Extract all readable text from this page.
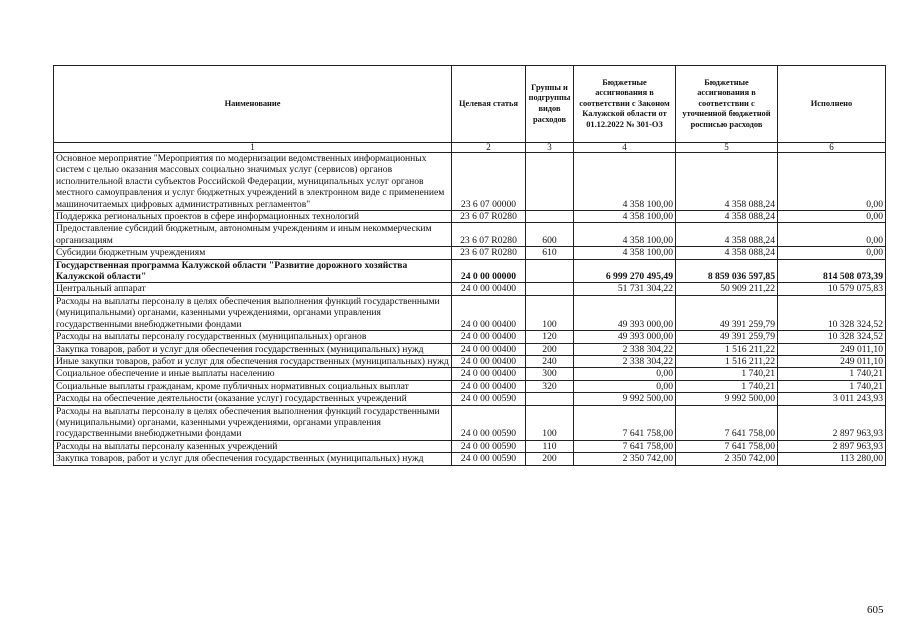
Наименование	Целевая статья	Группы и подгруппы видов расходов	Бюджетные ассигнования в соответствии с Законом Калужской области от 01.12.2022 № 301-ОЗ	Бюджетные ассигнования в соответствии с уточненной бюджетной росписью расходов	Исполнено
1	2	3	4	5	6
Основное мероприятие "Мероприятия по модернизации ведомственных информационных систем с целью оказания массовых социально значимых услуг (сервисов) органов исполнительной власти субъектов Российской Федерации, муниципальных услуг органов местного самоуправления и услуг бюджетных учреждений в электронном виде с применением машиночитаемых цифровых административных регламентов"	23 6 07 00000		4 358 100,00	4 358 088,24	0,00
Поддержка региональных проектов в сфере информационных технологий	23 6 07 R0280		4 358 100,00	4 358 088,24	0,00
Предоставление субсидий бюджетным, автономным учреждениям и иным некоммерческим организациям	23 6 07 R0280	600	4 358 100,00	4 358 088,24	0,00
Субсидии бюджетным учреждениям	23 6 07 R0280	610	4 358 100,00	4 358 088,24	0,00
Государственная программа Калужской области "Развитие дорожного хозяйства Калужской области"	24 0 00 00000		6 999 270 495,49	8 859 036 597,85	814 508 073,39
Центральный аппарат	24 0 00 00400		51 731 304,22	50 909 211,22	10 579 075,83
Расходы на выплаты персоналу в целях обеспечения выполнения функций государственными (муниципальными) органами, казенными учреждениями, органами управления государственными внебюджетными фондами	24 0 00 00400	100	49 393 000,00	49 391 259,79	10 328 324,52
Расходы на выплаты персоналу государственных (муниципальных) органов	24 0 00 00400	120	49 393 000,00	49 391 259,79	10 328 324,52
Закупка товаров, работ и услуг для обеспечения государственных (муниципальных) нужд	24 0 00 00400	200	2 338 304,22	1 516 211,22	249 011,10
Иные закупки товаров, работ и услуг для обеспечения государственных (муниципальных) нужд	24 0 00 00400	240	2 338 304,22	1 516 211,22	249 011,10
Социальное обеспечение и иные выплаты населению	24 0 00 00400	300	0,00	1 740,21	1 740,21
Социальные выплаты гражданам, кроме публичных нормативных социальных выплат	24 0 00 00400	320	0,00	1 740,21	1 740,21
Расходы на обеспечение деятельности (оказание услуг) государственных учреждений	24 0 00 00590		9 992 500,00	9 992 500,00	3 011 243,93
Расходы на выплаты персоналу в целях обеспечения выполнения функций государственными (муниципальными) органами, казенными учреждениями, органами управления государственными внебюджетными фондами	24 0 00 00590	100	7 641 758,00	7 641 758,00	2 897 963,93
Расходы на выплаты персоналу казенных учреждений	24 0 00 00590	110	7 641 758,00	7 641 758,00	2 897 963,93
Закупка товаров, работ и услуг для обеспечения государственных (муниципальных) нужд	24 0 00 00590	200	2 350 742,00	2 350 742,00	113 280,00
605
